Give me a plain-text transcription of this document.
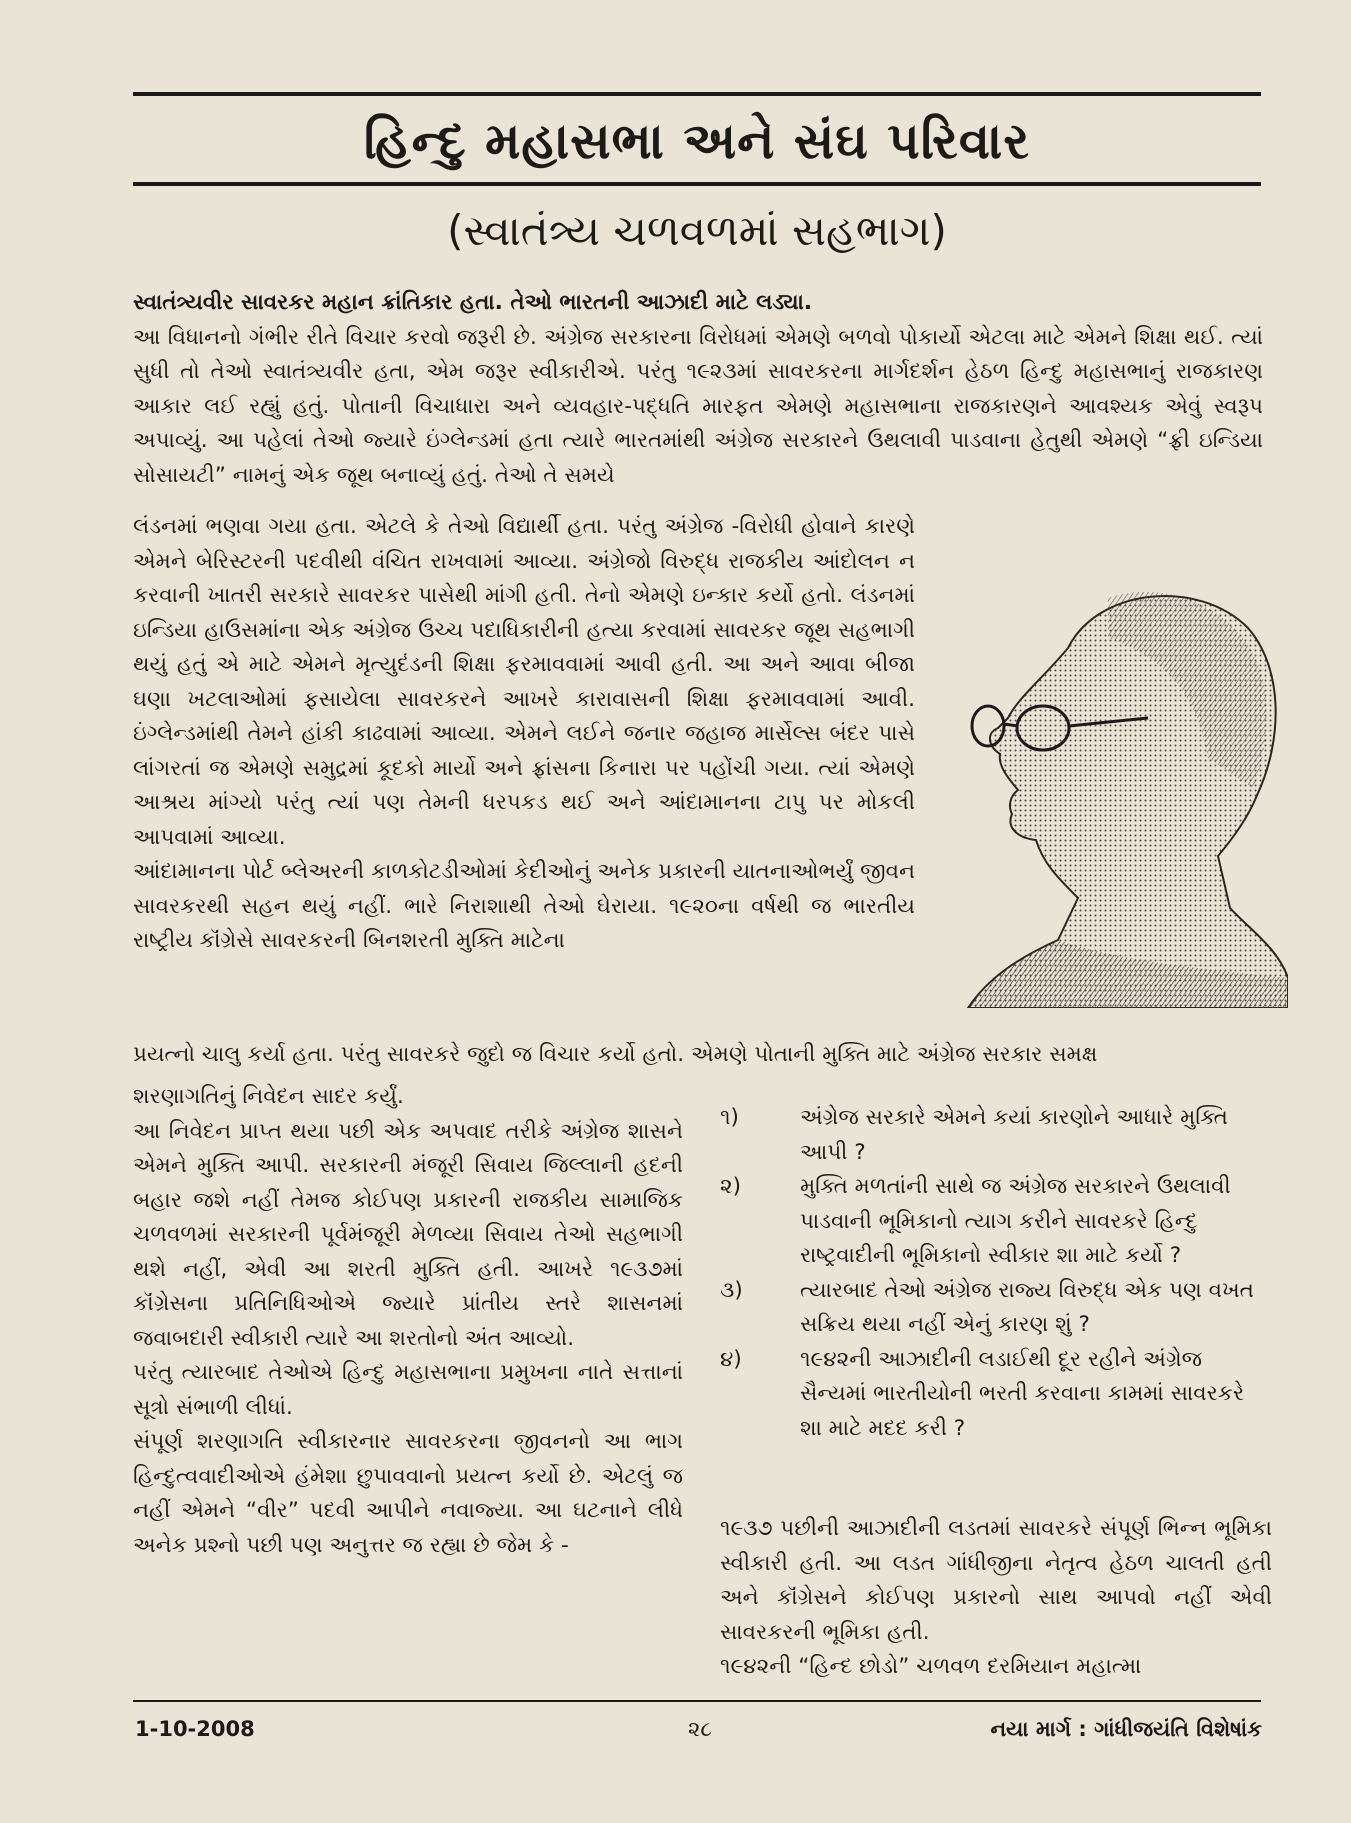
હિન્દુ મહાસભા અને સંઘ પરિવાર
(સ્વાતંત્ર્ય ચળવળમાં સહભાગ)

સ્વાતંત્ર્યવીર સાવરકર મહાન ક્રાંતિકાર હતા. તેઓ ભારતની આઝાદી માટે લડ્યા.

આ વિધાનનો ગંભીર રીતે વિચાર કરવો જરૂરી છે. અંગ્રેજ સરકારના વિરોધમાં એમણે બળવો પોકાર્યો એટલા માટે એમને શિક્ષા થઈ. ત્યાં સુધી તો તેઓ સ્વાતંત્ર્યવીર હતા, એમ જરૂર સ્વીકારીએ. પરંતુ ૧૯૨૩માં સાવરકરના માર્ગદર્શન હેઠળ હિન્દુ મહાસભાનું રાજકારણ આકાર લઈ રહ્યું હતું. પોતાની વિચાધારા અને વ્યવહાર-પદ્ધતિ મારફત એમણે મહાસભાના રાજકારણને આવશ્યક એવું સ્વરૂપ અપાવ્યું. આ પહેલાં તેઓ જ્યારે ઇંગ્લેન્ડમાં હતા ત્યારે ભારતમાંથી અંગ્રેજ સરકારને ઉથલાવી પાડવાના હેતુથી એમણે “ફ્રી ઇન્ડિયા સોસાયટી” નામનું એક જૂથ બનાવ્યું હતું. તેઓ તે સમયે

લંડનમાં ભણવા ગયા હતા. એટલે કે તેઓ વિદ્યાર્થી હતા. પરંતુ અંગ્રેજ -વિરોધી હોવાને કારણે એમને બેરિસ્ટરની પદવીથી વંચિત રાખવામાં આવ્યા. અંગ્રેજો વિરુદ્ધ રાજકીય આંદોલન ન કરવાની ખાતરી સરકારે સાવરકર પાસેથી માંગી હતી. તેનો એમણે ઇન્કાર કર્યો હતો. લંડનમાં ઇન્ડિયા હાઉસમાંના એક અંગ્રેજ ઉચ્ચ પદાધિકારીની હત્યા કરવામાં સાવરકર જૂથ સહભાગી થયું હતું એ માટે એમને મૃત્યુદંડની શિક્ષા ફરમાવવામાં આવી હતી. આ અને આવા બીજા ઘણા ખટલાઓમાં ફસાયેલા સાવરકરને આખરે કારાવાસની શિક્ષા ફરમાવવામાં આવી. ઇંગ્લેન્ડમાંથી તેમને હાંકી કાઢવામાં આવ્યા. એમને લઈને જનાર જહાજ માર્સેલ્સ બંદર પાસે લાંગરતાં જ એમણે સમુદ્રમાં કૂદકો માર્યો અને ફ્રાંસના કિનારા પર પહોંચી ગયા. ત્યાં એમણે આશ્રય માંગ્યો પરંતુ ત્યાં પણ તેમની ધરપકડ થઈ અને આંદામાનના ટાપુ પર મોકલી આપવામાં આવ્યા.

આંદામાનના પોર્ટ બ્લેઅરની કાળકોટડીઓમાં કેદીઓનું અનેક પ્રકારની યાતનાઓભર્યું જીવન સાવરકરથી સહન થયું નહીં. ભારે નિરાશાથી તેઓ ઘેરાયા. ૧૯૨૦ના વર્ષથી જ ભારતીય રાષ્ટ્રીય કૉંગ્રેસે સાવરકરની બિનશરતી મુક્તિ માટેના

પ્રયત્નો ચાલુ કર્યા હતા. પરંતુ સાવરકરે જુદો જ વિચાર કર્યો હતો. એમણે પોતાની મુક્તિ માટે અંગ્રેજ સરકાર સમક્ષ

શરણાગતિનું નિવેદન સાદર કર્યું.

આ નિવેદન પ્રાપ્ત થયા પછી એક અપવાદ તરીકે અંગ્રેજ શાસને એમને મુક્તિ આપી. સરકારની મંજૂરી સિવાય જિલ્લાની હદની બહાર જશે નહીં તેમજ કોઈપણ પ્રકારની રાજકીય સામાજિક ચળવળમાં સરકારની પૂર્વમંજૂરી મેળવ્યા સિવાય તેઓ સહભાગી થશે નહીં, એવી આ શરતી મુક્તિ હતી. આખરે ૧૯૩૭માં કૉંગ્રેસના પ્રતિનિધિઓએ જ્યારે પ્રાંતીય સ્તરે શાસનમાં જવાબદારી સ્વીકારી ત્યારે આ શરતોનો અંત આવ્યો.

પરંતુ ત્યારબાદ તેઓએ હિન્દુ મહાસભાના પ્રમુખના નાતે સત્તાનાં સૂત્રો સંભાળી લીધાં.

સંપૂર્ણ શરણાગતિ સ્વીકારનાર સાવરકરના જીવનનો આ ભાગ હિન્દુત્વવાદીઓએ હંમેશા છુપાવવાનો પ્રયત્ન કર્યો છે. એટલું જ નહીં એમને “વીર” પદવી આપીને નવાજ્યા. આ ઘટનાને લીધે અનેક પ્રશ્નો પછી પણ અનુત્તર જ રહ્યા છે જેમ કે -

૧)	અંગ્રેજ સરકારે એમને કયાં કારણોને આધારે મુક્તિ આપી ?
૨)	મુક્તિ મળતાંની સાથે જ અંગ્રેજ સરકારને ઉથલાવી પાડવાની ભૂમિકાનો ત્યાગ કરીને સાવરકરે હિન્દુ રાષ્ટ્રવાદીની ભૂમિકાનો સ્વીકાર શા માટે કર્યો ?
૩)	ત્યારબાદ તેઓ અંગ્રેજ રાજ્ય વિરુદ્ધ એક પણ વખત સક્રિય થયા નહીં એનું કારણ શું ?
૪)	૧૯૪૨ની આઝાદીની લડાઈથી દૂર રહીને અંગ્રેજ સૈન્યમાં ભારતીયોની ભરતી કરવાના કામમાં સાવરકરે શા માટે મદદ કરી ?

૧૯૩૭ પછીની આઝાદીની લડતમાં સાવરકરે સંપૂર્ણ ભિન્ન ભૂમિકા સ્વીકારી હતી. આ લડત ગાંધીજીના નેતૃત્વ હેઠળ ચાલતી હતી અને કૉંગ્રેસને કોઈપણ પ્રકારનો સાથ આપવો નહીં એવી સાવરકરની ભૂમિકા હતી.

૧૯૪૨ની “હિન્દ છોડો” ચળવળ દરમિયાન મહાત્મા

1-10-2008	૨૮	નયા માર્ગ : ગાંધીજયંતિ વિશેષાંક
